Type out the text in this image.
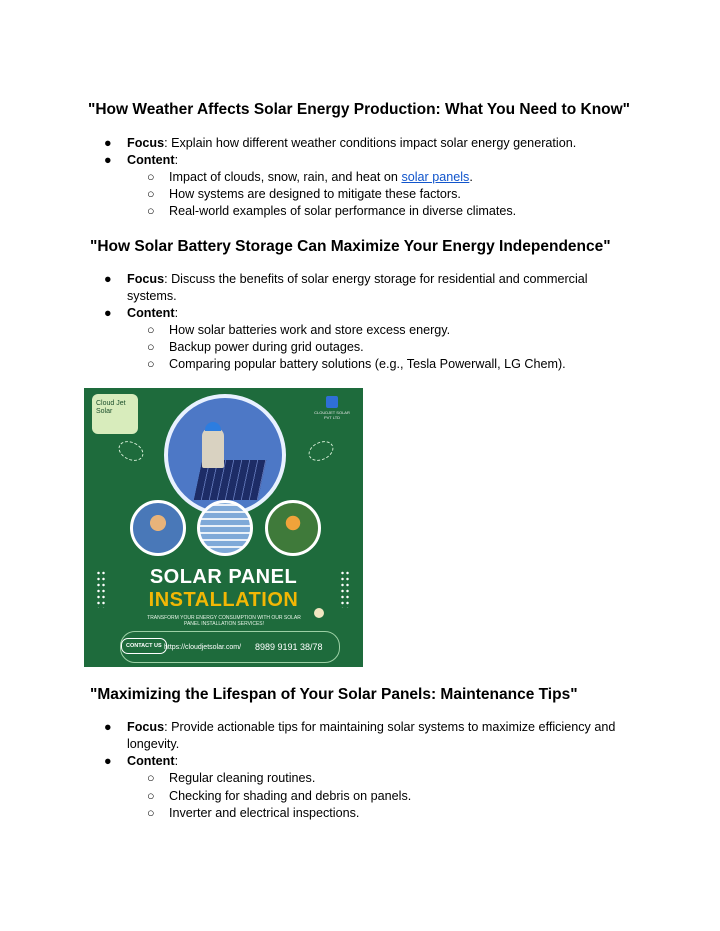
"How Weather Affects Solar Energy Production: What You Need to Know"
● Focus: Explain how different weather conditions impact solar energy generation.
● Content:
○ Impact of clouds, snow, rain, and heat on solar panels.
○ How systems are designed to mitigate these factors.
○ Real-world examples of solar performance in diverse climates.
"How Solar Battery Storage Can Maximize Your Energy Independence"
● Focus: Discuss the benefits of solar energy storage for residential and commercial
systems.
● Content:
○ How solar batteries work and store excess energy.
○ Backup power during grid outages.
○ Comparing popular battery solutions (e.g., Tesla Powerwall, LG Chem).
Cloud Jet Solar	CLOUDJET SOLAR PVT LTD
SOLAR PANEL
INSTALLATION
TRANSFORM YOUR ENERGY CONSUMPTION WITH OUR SOLAR PANEL INSTALLATION SERVICES!
CONTACT US https://cloudjetsolar.com/ 8989 9191 38/78
"Maximizing the Lifespan of Your Solar Panels: Maintenance Tips"
● Focus: Provide actionable tips for maintaining solar systems to maximize efficiency and
longevity.
● Content:
○ Regular cleaning routines.
○ Checking for shading and debris on panels.
○ Inverter and electrical inspections.
